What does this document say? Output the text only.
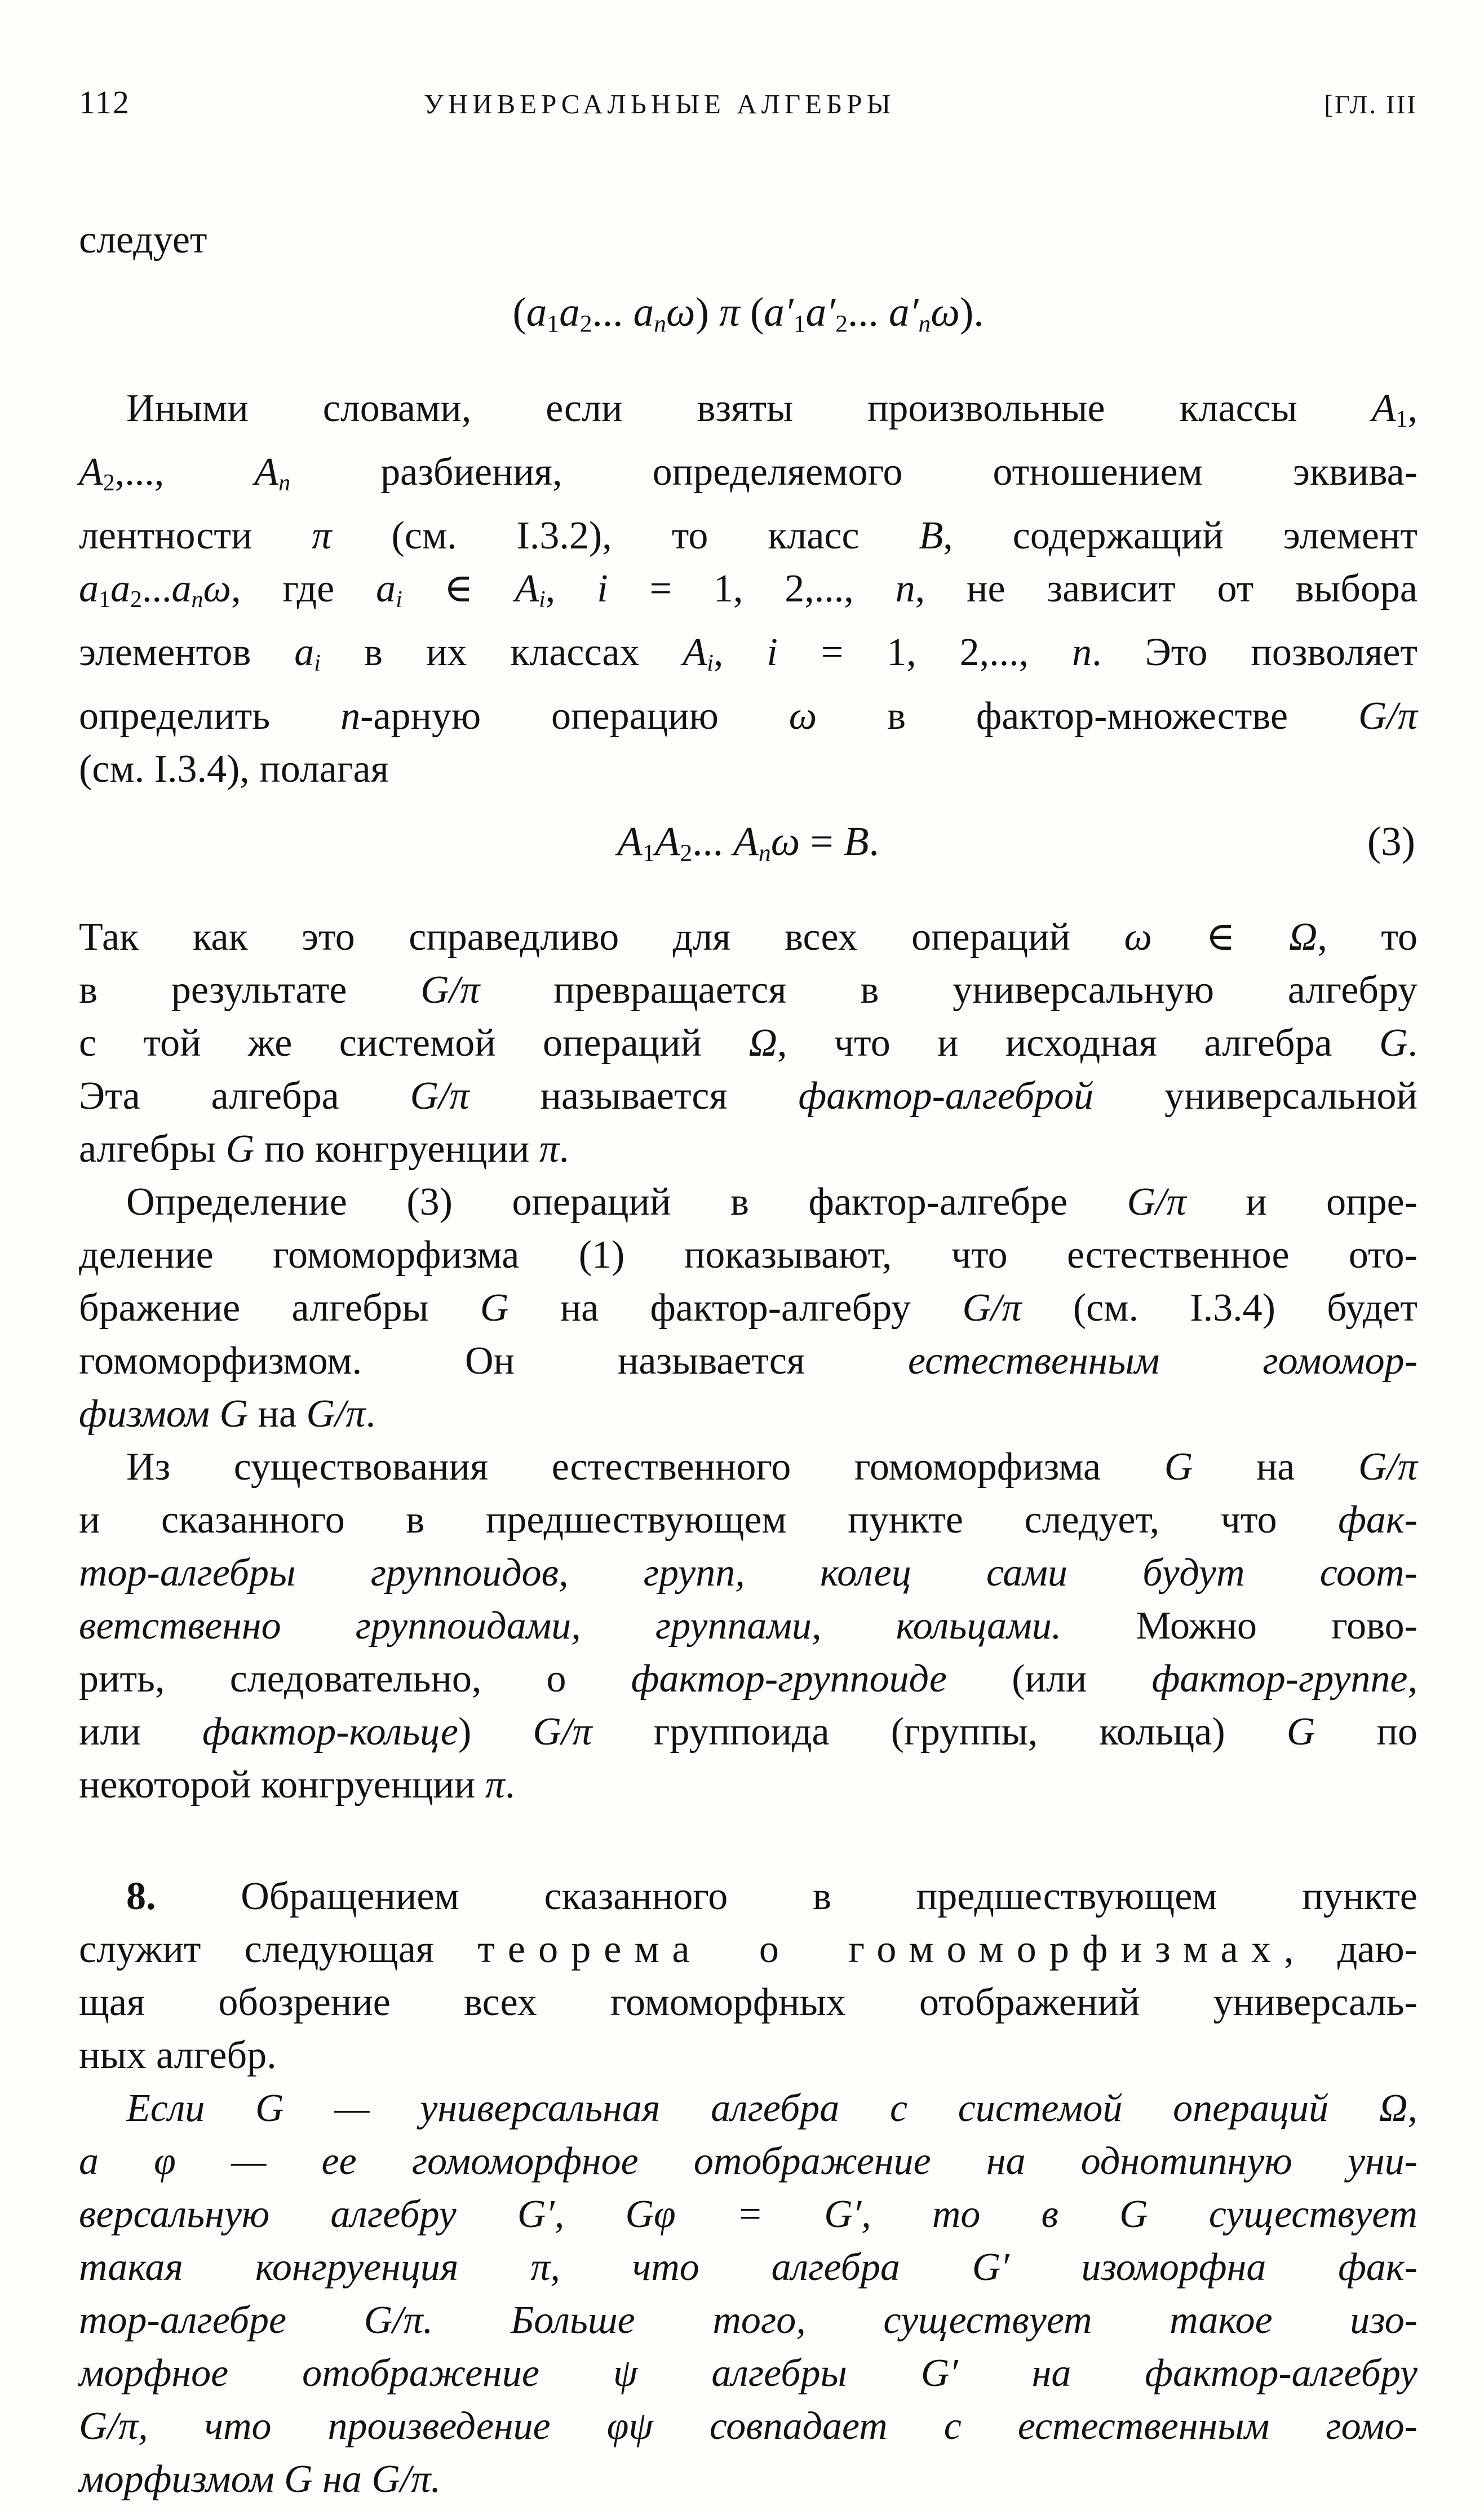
112	УНИВЕРСАЛЬНЫЕ АЛГЕБРЫ	[ГЛ. III
следует
($a_1a_2$... anω) π ($a'_1a'_2$... a′nω).
Иными словами, если взяты произвольные классы $A_1$,
$A_2$,..., An разбиения, определяемого отношением эквива-
лентности π (см. I.3.2), то класс B, содержащий элемент
$a_1a_2...an\omega$, где ai ∈ Ai, i = 1, 2,..., n, не зависит от выбора
элементов ai в их классах Ai, i = 1, 2,..., n. Это позволяет
определить n-арную операцию ω в фактор-множестве G/π
(см. I.3.4), полагая
$A_1A_2$... Anω = B.	(3)
Так как это справедливо для всех операций ω ∈ Ω, то
в результате G/π превращается в универсальную алгебру
с той же системой операций Ω, что и исходная алгебра G.
Эта алгебра G/π называется фактор-алгеброй универсальной
алгебры G по конгруенции π.
Определение (3) операций в фактор-алгебре G/π и опре-
деление гомоморфизма (1) показывают, что естественное ото-
бражение алгебры G на фактор-алгебру G/π (см. I.3.4) будет
гомоморфизмом. Он называется естественным гомомор-
физмом G на G/π.
Из существования естественного гомоморфизма G на G/π
и сказанного в предшествующем пункте следует, что фак-
тор-алгебры группоидов, групп, колец сами будут соот-
ветственно группоидами, группами, кольцами. Можно гово-
рить, следовательно, о фактор-группоиде (или фактор-группе,
или фактор-кольце) G/π группоида (группы, кольца) G по
некоторой конгруенции π.
8. Обращением сказанного в предшествующем пункте
служит следующая теорема о гомоморфизмах, даю-
щая обозрение всех гомоморфных отображений универсаль-
ных алгебр.
Если G — универсальная алгебра с системой операций Ω,
а φ — ее гомоморфное отображение на однотипную уни-
версальную алгебру G′, Gφ = G′, то в G существует
такая конгруенция π, что алгебра G′ изоморфна фак-
тор-алгебре G/π. Больше того, существует такое изо-
морфное отображение ψ алгебры G′ на фактор-алгебру
G/π, что произведение φψ совпадает с естественным гомо-
морфизмом G на G/π.
